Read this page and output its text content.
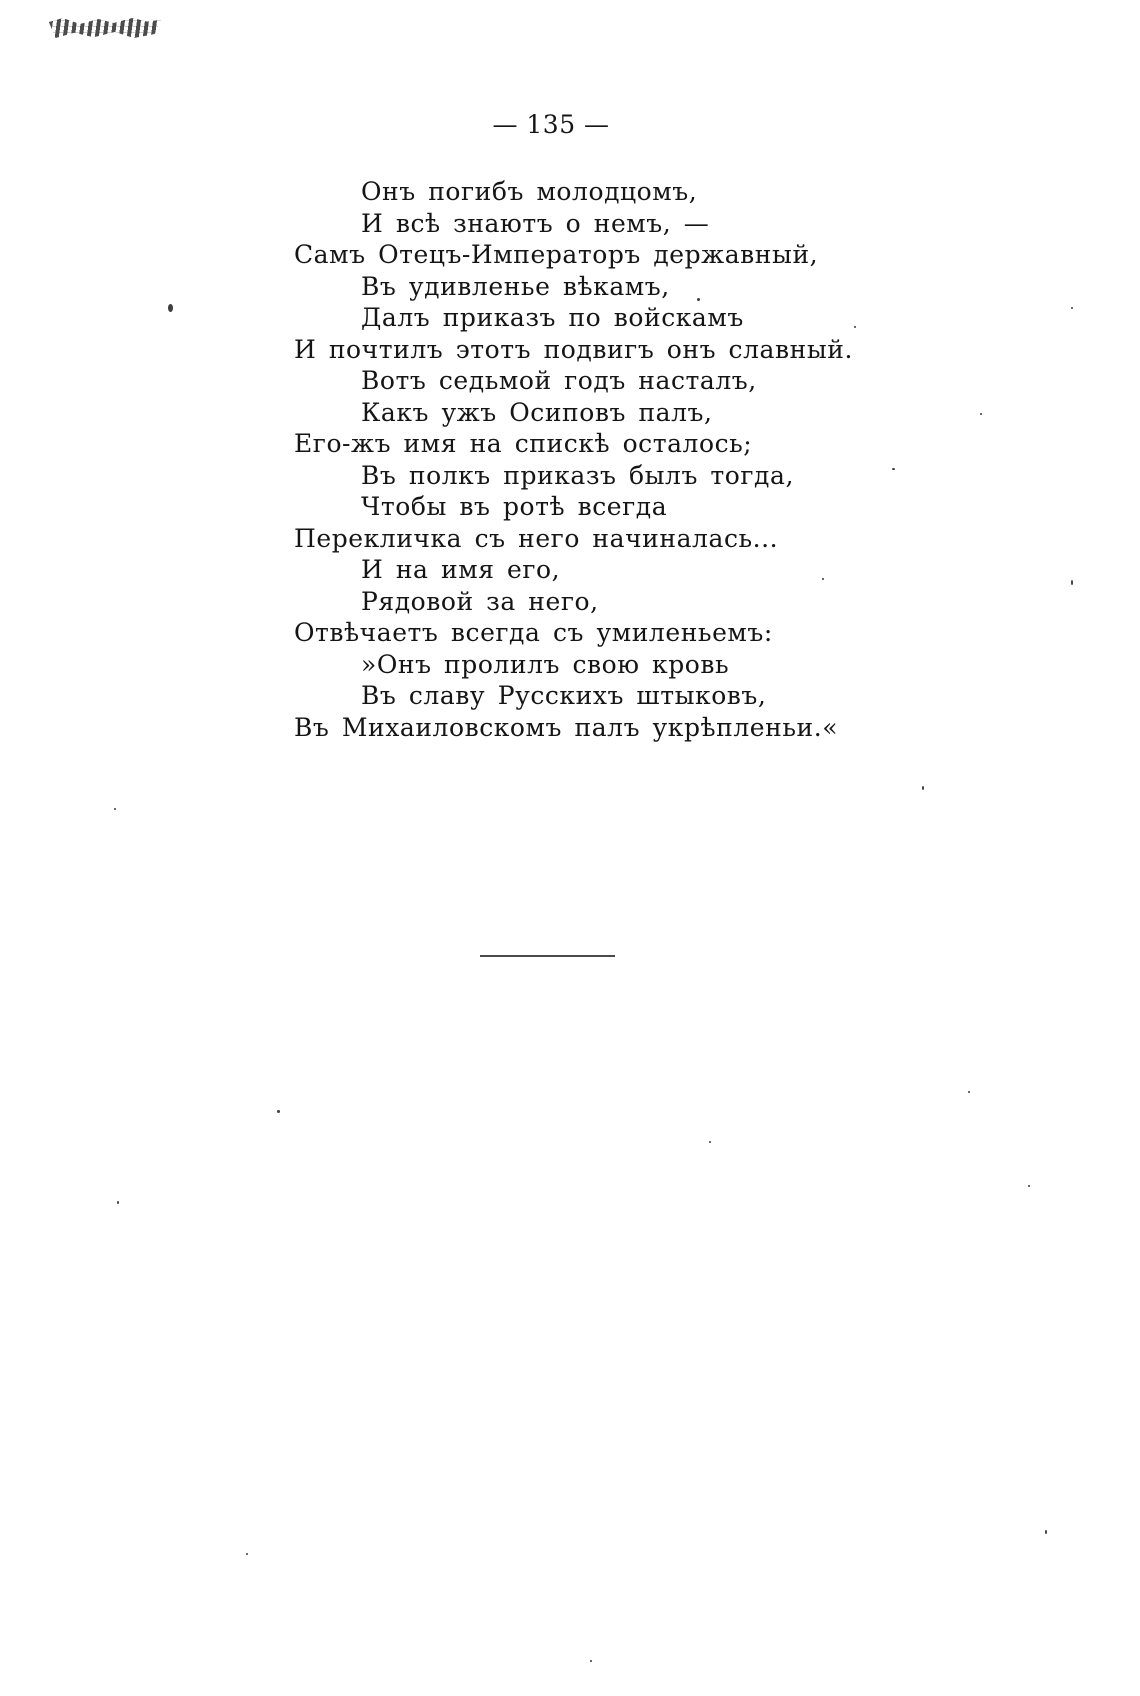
— 135 —
Онъ погибъ молодцомъ,
И всѣ знаютъ о немъ, —
Самъ Отецъ-Императоръ державный,
Въ удивленье вѣкамъ,
Далъ приказъ по войскамъ
И почтилъ этотъ подвигъ онъ славный.
Вотъ седьмой годъ насталъ,
Какъ ужъ Осиповъ палъ,
Его-жъ имя на спискѣ осталось;
Въ полкъ приказъ былъ тогда,
Чтобы въ ротѣ всегда
Перекличка съ него начиналась...
И на имя его,
Рядовой за него,
Отвѣчаетъ всегда съ умиленьемъ:
»Онъ пролилъ свою кровь
Въ славу Русскихъ штыковъ,
Въ Михаиловскомъ палъ укрѣпленьи.«
